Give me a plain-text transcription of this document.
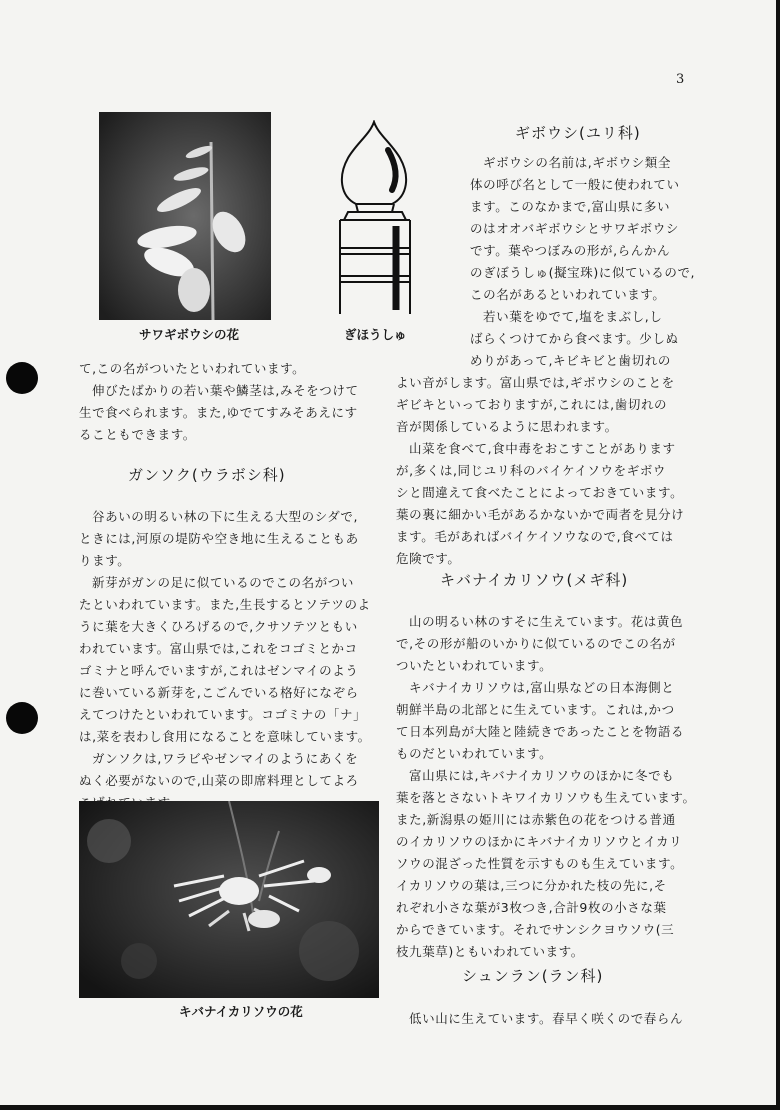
3
サワギボウシの花	ぎほうしゅ
ギボウシ(ユリ科)
ギボウシの名前は,ギボウシ類全
体の呼び名として一般に使われてい
ます。このなかまで,富山県に多い
のはオオバギボウシとサワギボウシ
です。葉やつぼみの形が,らんかん
のぎぼうしゅ(擬宝珠)に似ているので,
この名があるといわれています。
若い葉をゆでて,塩をまぶし,し
ばらくつけてから食べます。少しぬ
めりがあって,キビキビと歯切れの
よい音がします。富山県では,ギボウシのことを
ギビキといっておりますが,これには,歯切れの
音が関係しているように思われます。
山菜を食べて,食中毒をおこすことがあります
が,多くは,同じユリ科のバイケイソウをギボウ
シと間違えて食べたことによっておきています。
葉の裏に細かい毛があるかないかで両者を見分け
ます。毛があればバイケイソウなので,食べては
危険です。
て,この名がついたといわれています。
伸びたばかりの若い葉や鱗茎は,みそをつけて
生で食べられます。また,ゆでてすみそあえにす
ることもできます。
ガンソク(ウラボシ科)
谷あいの明るい林の下に生える大型のシダで,
ときには,河原の堤防や空き地に生えることもあ
ります。
新芽がガンの足に似ているのでこの名がつい
たといわれています。また,生長するとソテツのよ
うに葉を大きくひろげるので,クサソテツともい
われています。富山県では,これをコゴミとかコ
ゴミナと呼んでいますが,これはゼンマイのよう
に巻いている新芽を,こごんでいる格好になぞら
えてつけたといわれています。コゴミナの「ナ」
は,菜を表わし食用になることを意味しています。
ガンソクは,ワラビやゼンマイのようにあくを
ぬく必要がないので,山菜の即席料理としてよろ
キバナイカリソウの花
キバナイカリソウ(メギ科)
山の明るい林のすそに生えています。花は黄色
で,その形が船のいかりに似ているのでこの名が
ついたといわれています。
キバナイカリソウは,富山県などの日本海側と
朝鮮半島の北部とに生えています。これは,かつ
て日本列島が大陸と陸続きであったことを物語る
ものだといわれています。
富山県には,キバナイカリソウのほかに冬でも
葉を落とさないトキワイカリソウも生えています。
また,新潟県の姫川には赤紫色の花をつける普通
のイカリソウのほかにキバナイカリソウとイカリ
ソウの混ざった性質を示すものも生えています。
イカリソウの葉は,三つに分かれた枝の先に,そ
れぞれ小さな葉が3枚つき,合計9枚の小さな葉
からできています。それでサンシクヨウソウ(三
枝九葉草)ともいわれています。
シュンラン(ラン科)
低い山に生えています。春早く咲くので春らん
